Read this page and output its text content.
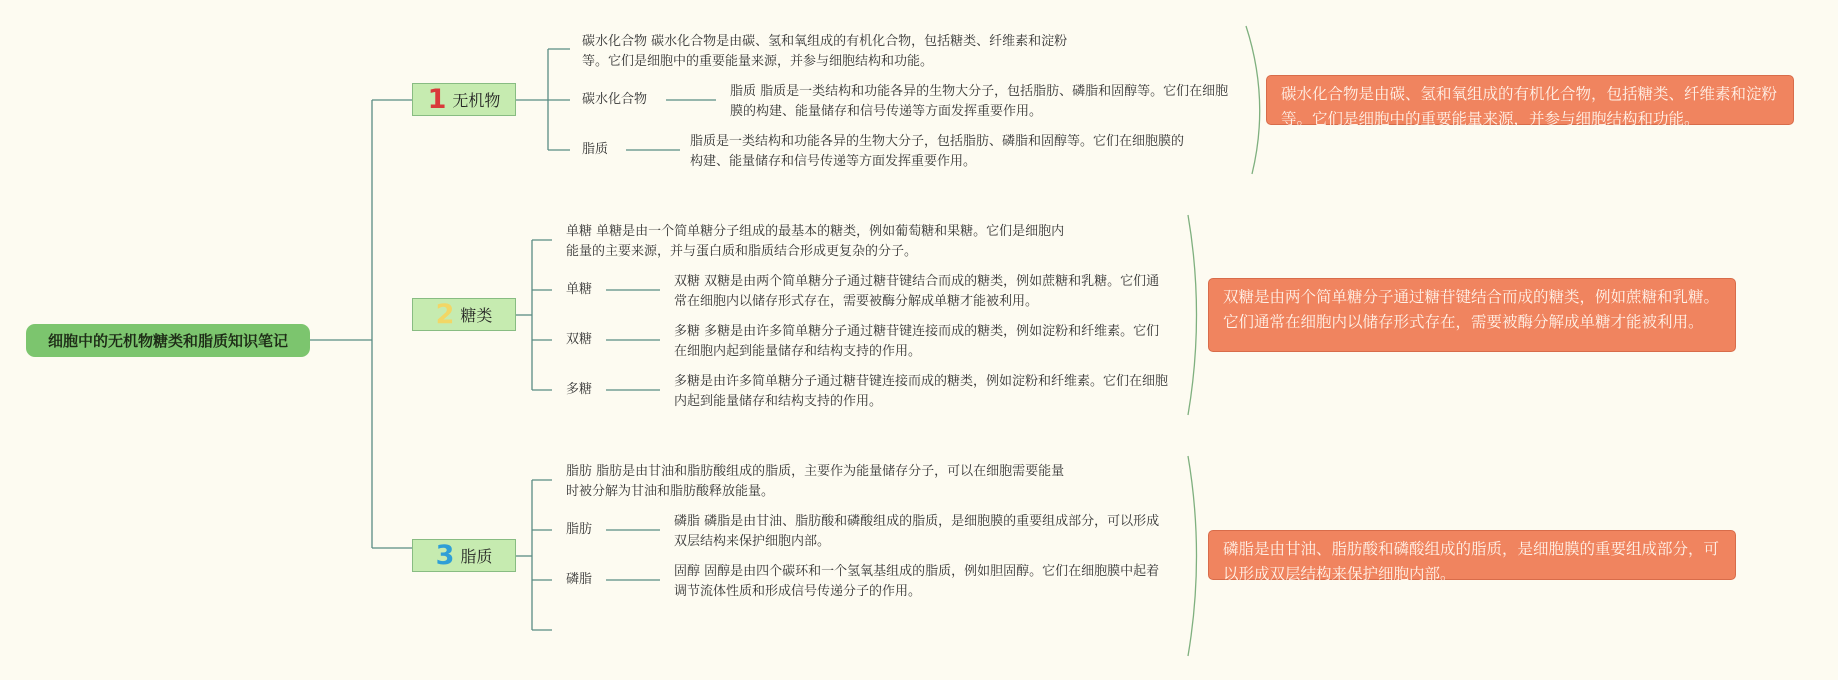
细胞中的无机物糖类和脂质知识笔记
1 无机物
碳水化合物 碳水化合物是由碳、氢和氧组成的有机化合物，包括糖类、纤维素和淀粉等。它们是细胞中的重要能量来源，并参与细胞结构和功能。
碳水化合物
脂质 脂质是一类结构和功能各异的生物大分子，包括脂肪、磷脂和固醇等。它们在细胞膜的构建、能量储存和信号传递等方面发挥重要作用。
脂质
脂质是一类结构和功能各异的生物大分子，包括脂肪、磷脂和固醇等。它们在细胞膜的构建、能量储存和信号传递等方面发挥重要作用。
碳水化合物是由碳、氢和氧组成的有机化合物，包括糖类、纤维素和淀粉等。它们是细胞中的重要能量来源，并参与细胞结构和功能。
2 糖类
单糖 单糖是由一个简单糖分子组成的最基本的糖类，例如葡萄糖和果糖。它们是细胞内能量的主要来源，并与蛋白质和脂质结合形成更复杂的分子。
单糖
双糖 双糖是由两个简单糖分子通过糖苷键结合而成的糖类，例如蔗糖和乳糖。它们通常在细胞内以储存形式存在，需要被酶分解成单糖才能被利用。
双糖
多糖 多糖是由许多简单糖分子通过糖苷键连接而成的糖类，例如淀粉和纤维素。它们在细胞内起到能量储存和结构支持的作用。
多糖
多糖是由许多简单糖分子通过糖苷键连接而成的糖类，例如淀粉和纤维素。它们在细胞内起到能量储存和结构支持的作用。
双糖是由两个简单糖分子通过糖苷键结合而成的糖类，例如蔗糖和乳糖。它们通常在细胞内以储存形式存在，需要被酶分解成单糖才能被利用。
3 脂质
脂肪 脂肪是由甘油和脂肪酸组成的脂质，主要作为能量储存分子，可以在细胞需要能量时被分解为甘油和脂肪酸释放能量。
脂肪
磷脂 磷脂是由甘油、脂肪酸和磷酸组成的脂质，是细胞膜的重要组成部分，可以形成双层结构来保护细胞内部。
磷脂
固醇 固醇是由四个碳环和一个氢氧基组成的脂质，例如胆固醇。它们在细胞膜中起着调节流体性质和形成信号传递分子的作用。
磷脂是由甘油、脂肪酸和磷酸组成的脂质，是细胞膜的重要组成部分，可以形成双层结构来保护细胞内部。
